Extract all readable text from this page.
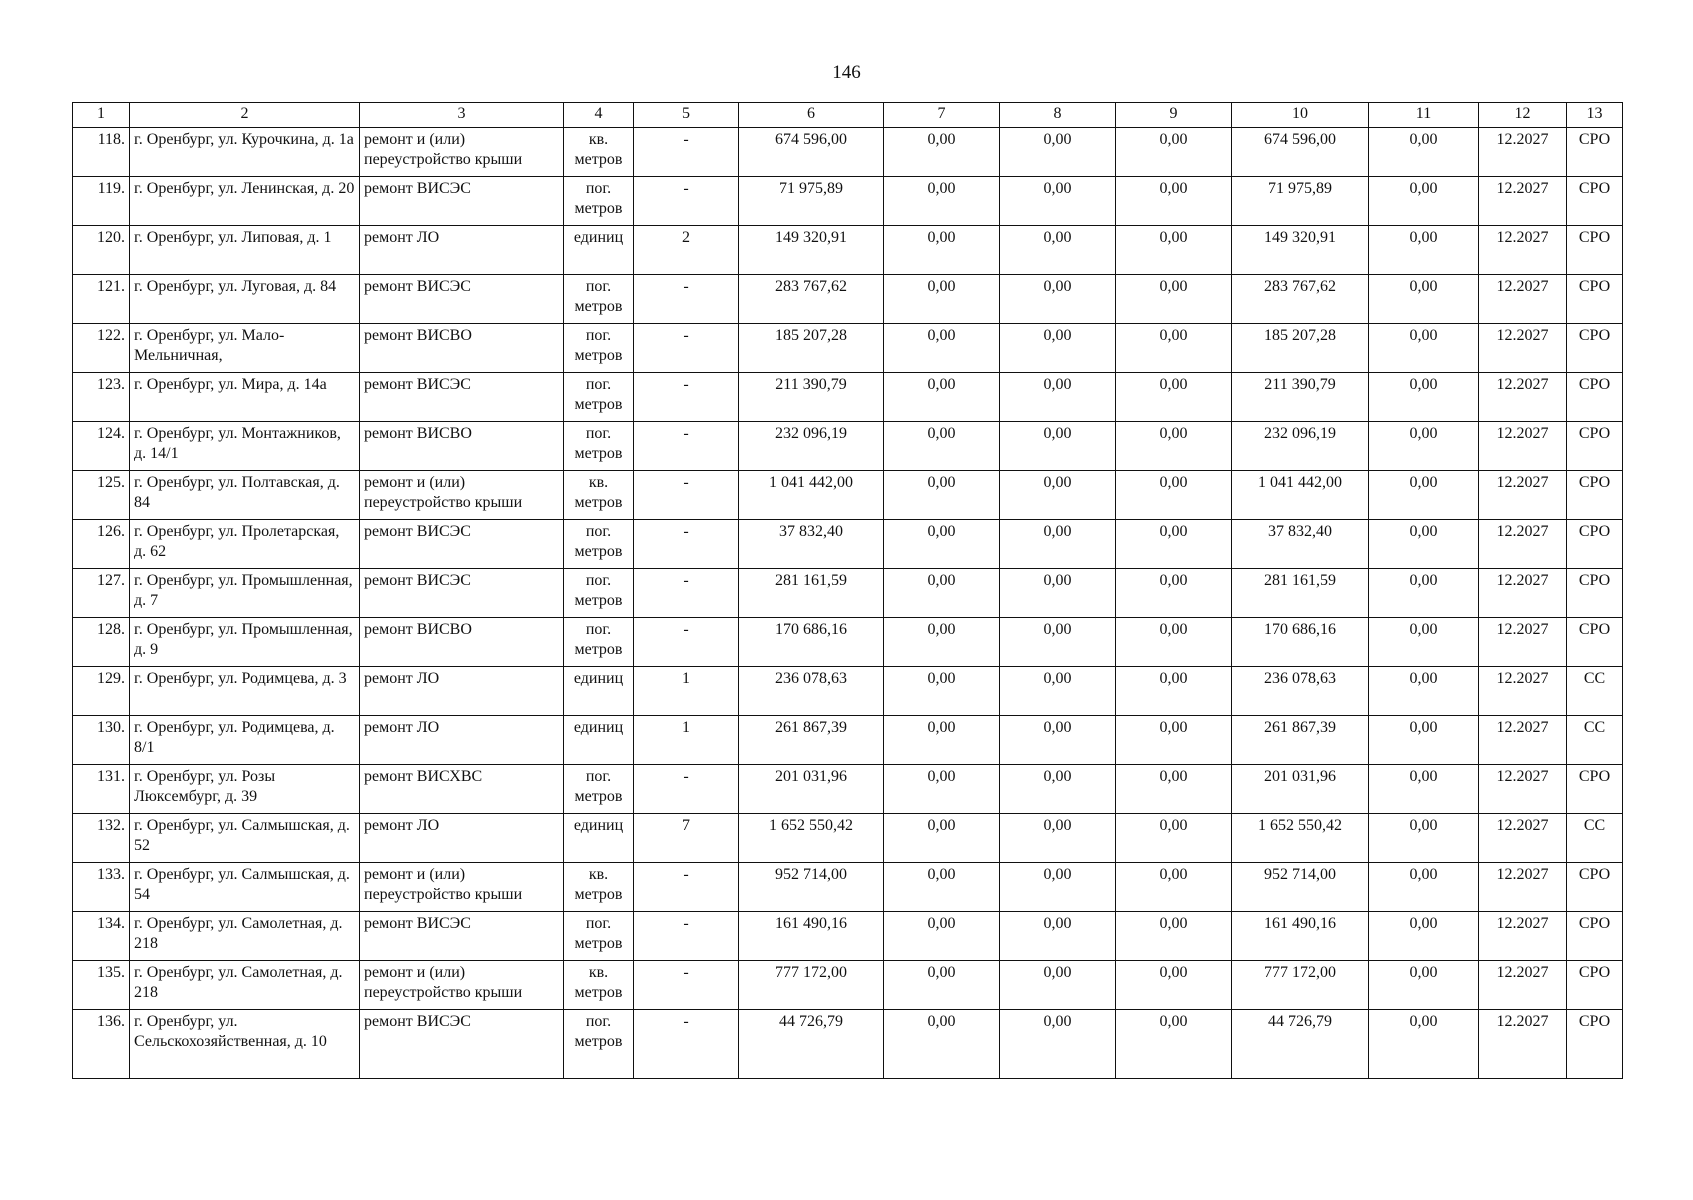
146
1	2	3	4	5	6	7	8	9	10	11	12	13
118.	г. Оренбург, ул. Курочкина, д. 1а	ремонт и (или) переустройство крыши	кв. метров	-	674 596,00	0,00	0,00	0,00	674 596,00	0,00	12.2027	СРО
119.	г. Оренбург, ул. Ленинская, д. 20	ремонт ВИСЭС	пог. метров	-	71 975,89	0,00	0,00	0,00	71 975,89	0,00	12.2027	СРО
120.	г. Оренбург, ул. Липовая, д. 1	ремонт ЛО	единиц	2	149 320,91	0,00	0,00	0,00	149 320,91	0,00	12.2027	СРО
121.	г. Оренбург, ул. Луговая, д. 84	ремонт ВИСЭС	пог. метров	-	283 767,62	0,00	0,00	0,00	283 767,62	0,00	12.2027	СРО
122.	г. Оренбург, ул. Мало-Мельничная,	ремонт ВИСВО	пог. метров	-	185 207,28	0,00	0,00	0,00	185 207,28	0,00	12.2027	СРО
123.	г. Оренбург, ул. Мира, д. 14а	ремонт ВИСЭС	пог. метров	-	211 390,79	0,00	0,00	0,00	211 390,79	0,00	12.2027	СРО
124.	г. Оренбург, ул. Монтажников, д. 14/1	ремонт ВИСВО	пог. метров	-	232 096,19	0,00	0,00	0,00	232 096,19	0,00	12.2027	СРО
125.	г. Оренбург, ул. Полтавская, д. 84	ремонт и (или) переустройство крыши	кв. метров	-	1 041 442,00	0,00	0,00	0,00	1 041 442,00	0,00	12.2027	СРО
126.	г. Оренбург, ул. Пролетарская, д. 62	ремонт ВИСЭС	пог. метров	-	37 832,40	0,00	0,00	0,00	37 832,40	0,00	12.2027	СРО
127.	г. Оренбург, ул. Промышленная, д. 7	ремонт ВИСЭС	пог. метров	-	281 161,59	0,00	0,00	0,00	281 161,59	0,00	12.2027	СРО
128.	г. Оренбург, ул. Промышленная, д. 9	ремонт ВИСВО	пог. метров	-	170 686,16	0,00	0,00	0,00	170 686,16	0,00	12.2027	СРО
129.	г. Оренбург, ул. Родимцева, д. 3	ремонт ЛО	единиц	1	236 078,63	0,00	0,00	0,00	236 078,63	0,00	12.2027	СС
130.	г. Оренбург, ул. Родимцева, д. 8/1	ремонт ЛО	единиц	1	261 867,39	0,00	0,00	0,00	261 867,39	0,00	12.2027	СС
131.	г. Оренбург, ул. Розы Люксембург, д. 39	ремонт ВИСХВС	пог. метров	-	201 031,96	0,00	0,00	0,00	201 031,96	0,00	12.2027	СРО
132.	г. Оренбург, ул. Салмышская, д. 52	ремонт ЛО	единиц	7	1 652 550,42	0,00	0,00	0,00	1 652 550,42	0,00	12.2027	СС
133.	г. Оренбург, ул. Салмышская, д. 54	ремонт и (или) переустройство крыши	кв. метров	-	952 714,00	0,00	0,00	0,00	952 714,00	0,00	12.2027	СРО
134.	г. Оренбург, ул. Самолетная, д. 218	ремонт ВИСЭС	пог. метров	-	161 490,16	0,00	0,00	0,00	161 490,16	0,00	12.2027	СРО
135.	г. Оренбург, ул. Самолетная, д. 218	ремонт и (или) переустройство крыши	кв. метров	-	777 172,00	0,00	0,00	0,00	777 172,00	0,00	12.2027	СРО
136.	г. Оренбург, ул. Сельскохозяйственная, д. 10	ремонт ВИСЭС	пог. метров	-	44 726,79	0,00	0,00	0,00	44 726,79	0,00	12.2027	СРО
